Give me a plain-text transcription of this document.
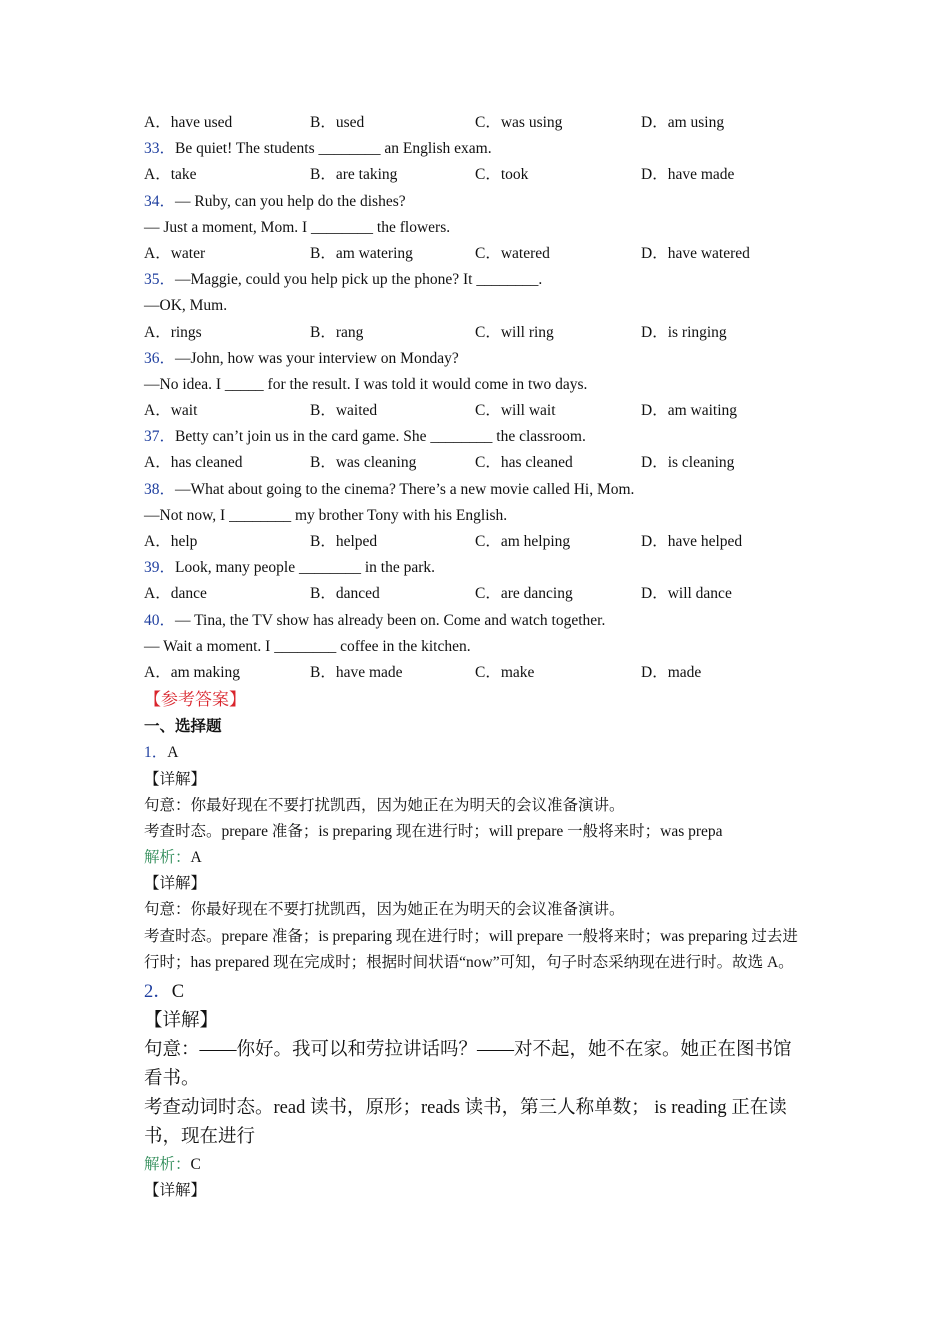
A．have used	B．used	C．was using	D．am using
33．Be quiet! The students ________ an English exam.
A．take	B．are taking	C．took	D．have made
34．— Ruby, can you help do the dishes?
— Just a moment, Mom. I ________ the flowers.
A．water	B．am watering	C．watered	D．have watered
35．—Maggie, could you help pick up the phone? It ________.
—OK, Mum.
A．rings	B．rang	C．will ring	D．is ringing
36．—John, how was your interview on Monday?
—No idea. I _____ for the result. I was told it would come in two days.
A．wait	B．waited	C．will wait	D．am waiting
37．Betty can’t join us in the card game. She ________ the classroom.
A．has cleaned	B．was cleaning	C．has cleaned	D．is cleaning
38．—What about going to the cinema? There’s a new movie called Hi, Mom.
—Not now, I ________ my brother Tony with his English.
A．help	B．helped	C．am helping	D．have helped
39．Look, many people ________ in the park.
A．dance	B．danced	C．are dancing	D．will dance
40．— Tina, the TV show has already been on. Come and watch together.
— Wait a moment. I ________ coffee in the kitchen.
A．am making	B．have made	C．make	D．made
【参考答案】
一、选择题
1．A
【详解】
句意：你最好现在不要打扰凯西，因为她正在为明天的会议准备演讲。
考查时态。prepare 准备；is preparing 现在进行时；will prepare 一般将来时；was prepa
解析：A
【详解】
句意：你最好现在不要打扰凯西，因为她正在为明天的会议准备演讲。
考查时态。prepare 准备；is preparing 现在进行时；will prepare 一般将来时；was preparing 过去进行时；has prepared 现在完成时；根据时间状语“now”可知，句子时态采纳现在进行时。故选 A。
2．C
【详解】
句意：——你好。我可以和劳拉讲话吗？——对不起，她不在家。她正在图书馆看书。
考查动词时态。read 读书，原形；reads 读书，第三人称单数； is reading 正在读书，现在进行
解析：C
【详解】
